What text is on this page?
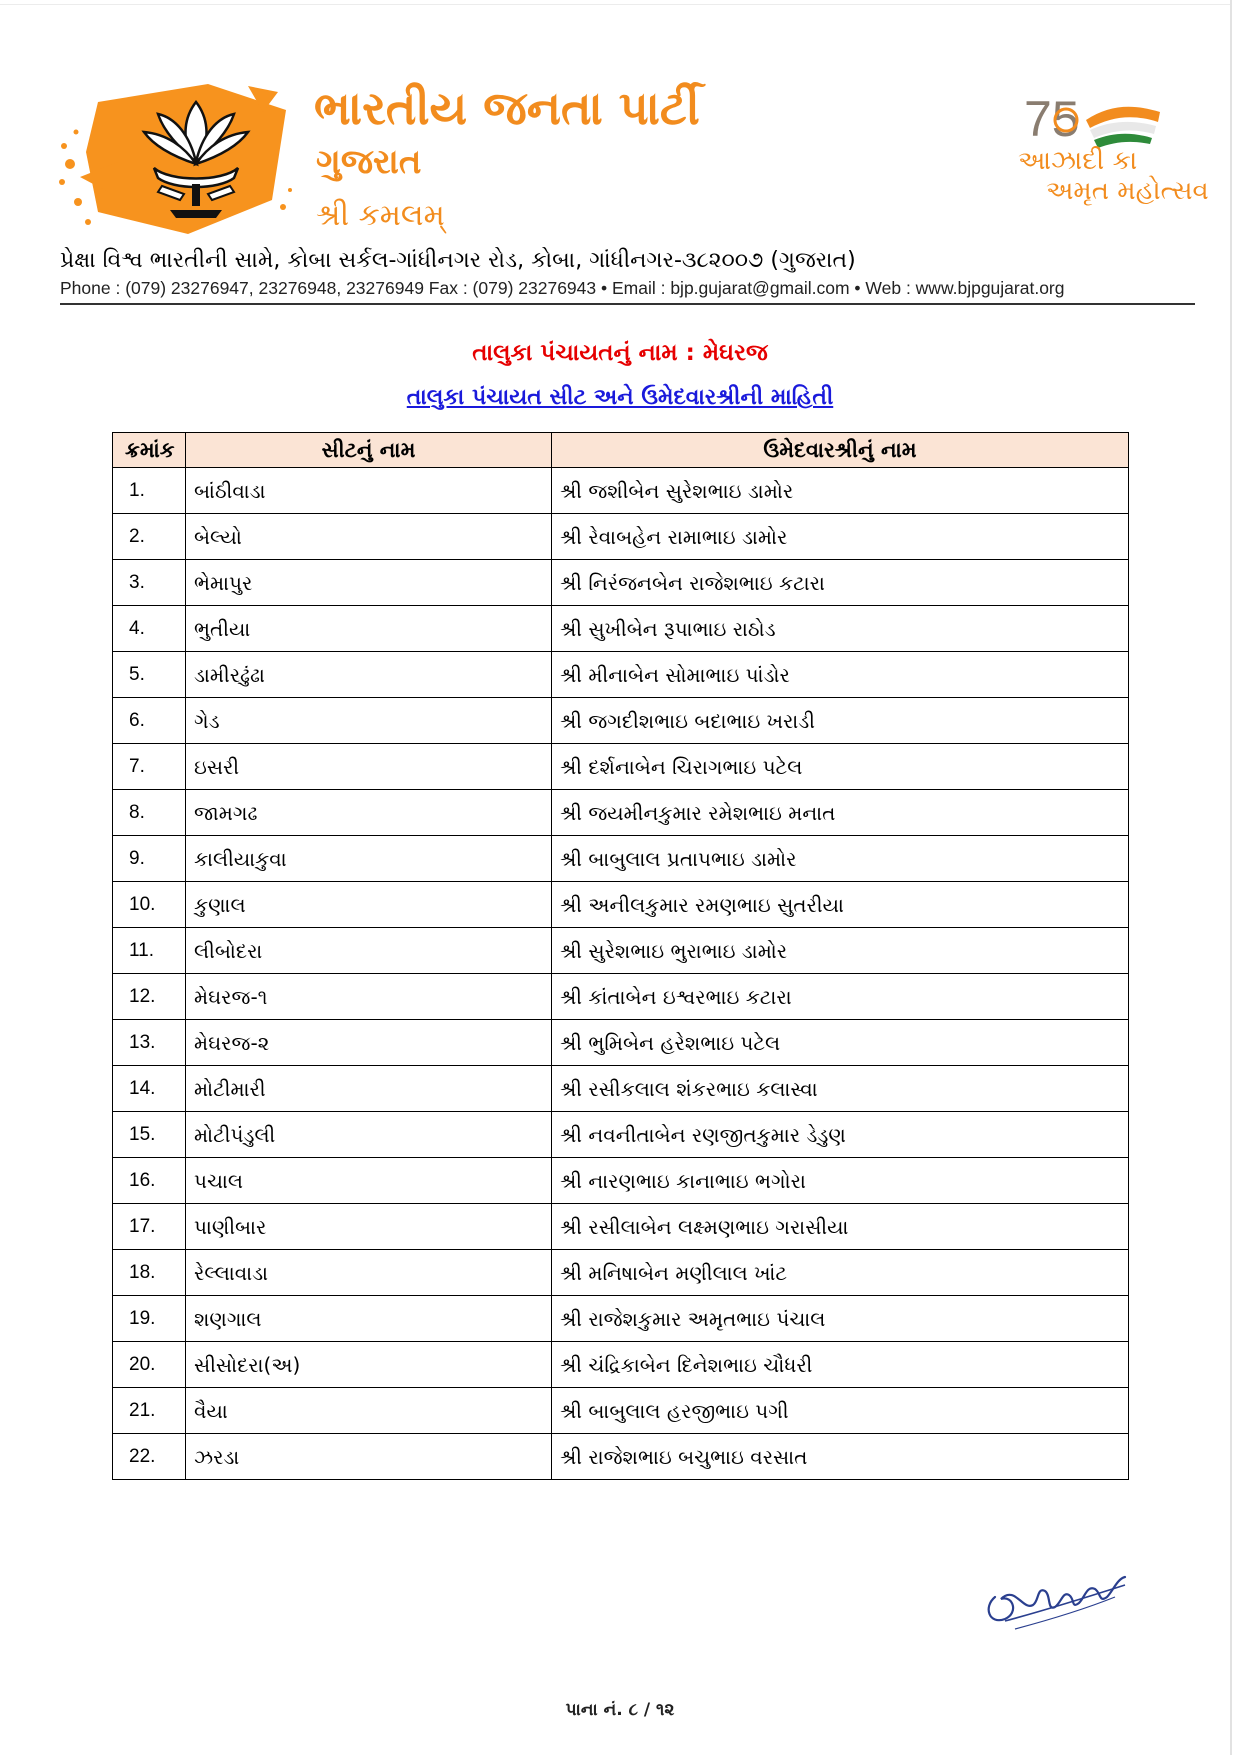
ભારતીય જનતા પાર્ટી
ગુજરાત
શ્રી કમલમ્
75
આઝાદી કા
અમૃત મહોત્સવ
પ્રેક્ષા વિશ્વ ભારતીની સામે, કોબા સર્કલ-ગાંધીનગર રોડ, કોબા, ગાંધીનગર-૩૮૨૦૦૭ (ગુજરાત)
Phone : (079) 23276947, 23276948, 23276949 Fax : (079) 23276943 • Email : bjp.gujarat@gmail.com • Web : www.bjpgujarat.org
તાલુકા પંચાયતનું નામ : મેઘરજ
તાલુકા પંચાયત સીટ અને ઉમેદવારશ્રીની માહિતી
ક્રમાંક	સીટનું નામ	ઉમેદવારશ્રીનું નામ
1.	બાંઠીવાડા	શ્રી જશીબેન સુરેશભાઇ ડામોર
2.	બેલ્યો	શ્રી રેવાબહેન રામાભાઇ ડામોર
3.	ભેમાપુર	શ્રી નિરંજનબેન રાજેશભાઇ કટારા
4.	ભુતીયા	શ્રી સુખીબેન રૂપાભાઇ રાઠોડ
5.	ડામીરઢુંઢા	શ્રી મીનાબેન સોમાભાઇ પાંડોર
6.	ગેડ	શ્રી જગદીશભાઇ બદાભાઇ ખરાડી
7.	ઇસરી	શ્રી દર્શનાબેન ચિરાગભાઇ પટેલ
8.	જામગઢ	શ્રી જયમીનકુમાર રમેશભાઇ મનાત
9.	કાલીયાકુવા	શ્રી બાબુલાલ પ્રતાપભાઇ ડામોર
10.	કુણાલ	શ્રી અનીલકુમાર રમણભાઇ સુતરીયા
11.	લીબોદરા	શ્રી સુરેશભાઇ ભુરાભાઇ ડામોર
12.	મેઘરજ-૧	શ્રી કાંતાબેન ઇશ્વરભાઇ કટારા
13.	મેઘરજ-૨	શ્રી ભુમિબેન હરેશભાઇ પટેલ
14.	મોટીમારી	શ્રી રસીકલાલ શંકરભાઇ કલાસ્વા
15.	મોટીપંડુલી	શ્રી નવનીતાબેન રણજીતકુમાર ડેડુણ
16.	પચાલ	શ્રી નારણભાઇ કાનાભાઇ ભગોરા
17.	પાણીબાર	શ્રી રસીલાબેન લક્ષ્મણભાઇ ગરાસીયા
18.	રેલ્લાવાડા	શ્રી મનિષાબેન મણીલાલ ખાંટ
19.	શણગાલ	શ્રી રાજેશકુમાર અમૃતભાઇ પંચાલ
20.	સીસોદરા(અ)	શ્રી ચંદ્રિકાબેન દિનેશભાઇ ચૌધરી
21.	વૈયા	શ્રી બાબુલાલ હરજીભાઇ પગી
22.	ઝરડા	શ્રી રાજેશભાઇ બચુભાઇ વરસાત
પાના નં. ૮ / ૧૨
